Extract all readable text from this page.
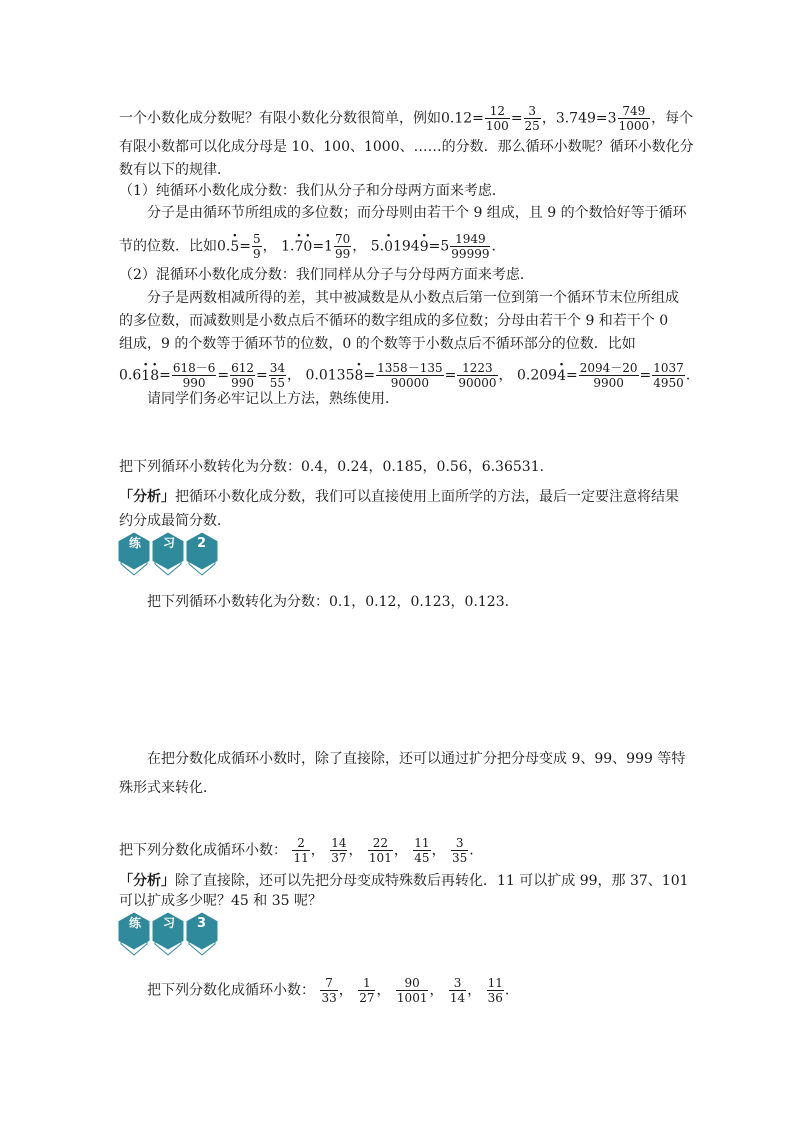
一个小数化成分数呢？有限小数化分数很简单，例如$0.12= \frac{12}{100} = \frac{3}{25}$ ，$3.749=3 \frac{749}{1000}$ ，每个
有限小数都可以化成分母是 10、100、1000、……的分数．那么循环小数呢？循环小数化分
数有以下的规律．
（1）纯循环小数化成分数：我们从分子和分母两方面来考虑．
分子是由循环节所组成的多位数；而分母则由若干个 9 组成，且 9 的个数恰好等于循环
节的位数．比如$0.5 \cdot= \frac{5}{9}$ ， $1.7 \cdot 0 \cdot=1 \frac{70}{99}$ ， $5.0 \cdot 1949 \cdot=5 \frac{1949}{99999}$ ．
（2）混循环小数化成分数：我们同样从分子与分母两方面来考虑．
分子是两数相减所得的差，其中被减数是从小数点后第一位到第一个循环节末位所组成
的多位数，而减数则是小数点后不循环的数字组成的多位数；分母由若干个 9 和若干个 0
组成，9 的个数等于循环节的位数，0 的个数等于小数点后不循环部分的位数．比如
$0.61 \cdot 8 \cdot= \frac{618-6}{990} = \frac{612}{990} = \frac{34}{55}$ ， $0.01358 \cdot= \frac{1358-135}{90000} = \frac{1223}{90000}$ ， $0.2094 \cdot= \frac{2094-20}{9900} = \frac{1037}{4950}$ ．
请同学们务必牢记以上方法，熟练使用．
把下列循环小数转化为分数：0.4，0.24，0.185，0.56，6.36531．
「分析」把循环小数化成分数，我们可以直接使用上面所学的方法，最后一定要注意将结果
约分成最简分数．
练 习 2
把下列循环小数转化为分数：0.1，0.12，0.123，0.123．
在把分数化成循环小数时，除了直接除，还可以通过扩分把分母变成 9、99、999 等特
殊形式来转化．
把下列分数化成循环小数： $\frac{2}{11}$ ， $\frac{14}{37}$ ， $\frac{22}{101}$ ， $\frac{11}{45}$ ， $\frac{3}{35}$ ．
「分析」除了直接除，还可以先把分母变成特殊数后再转化．11 可以扩成 99，那 37、101
可以扩成多少呢？45 和 35 呢？
练 习 3
把下列分数化成循环小数： $\frac{7}{33}$ ， $\frac{1}{27}$ ， $\frac{90}{1001}$ ， $\frac{3}{14}$ ， $\frac{11}{36}$ ．
